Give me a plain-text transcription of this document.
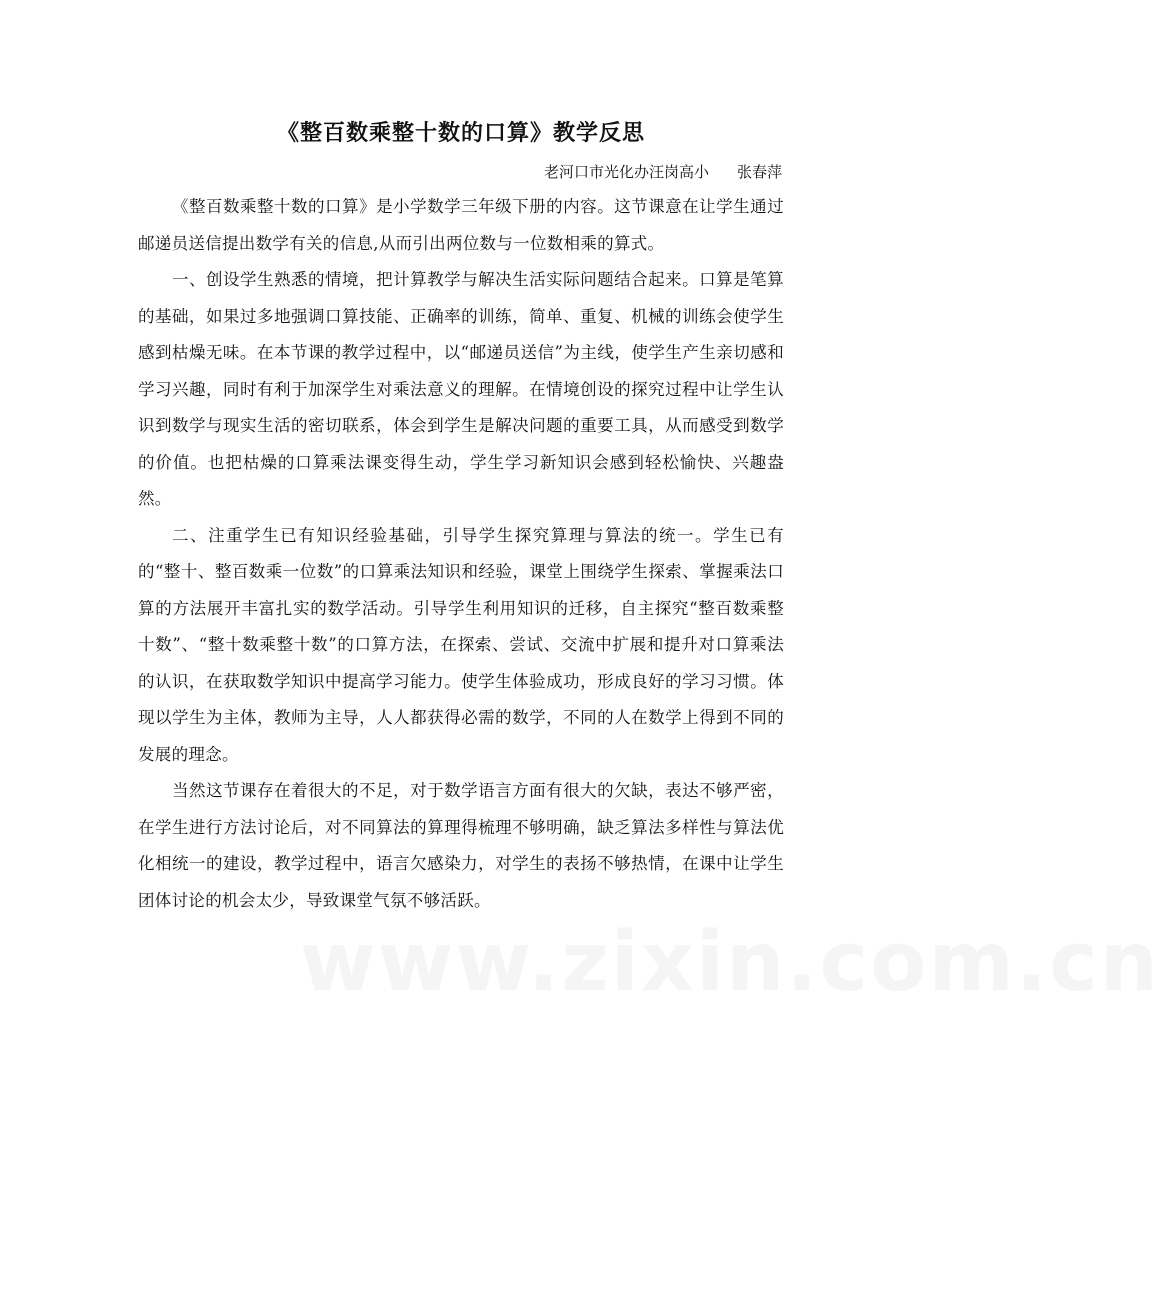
《整百数乘整十数的口算》教学反思
老河口市光化办汪岗高小 张春萍

《整百数乘整十数的口算》是小学数学三年级下册的内容。这节课意在让学生通过邮递员送信提出数学有关的信息,从而引出两位数与一位数相乘的算式。

一、创设学生熟悉的情境，把计算教学与解决生活实际问题结合起来。口算是笔算的基础，如果过多地强调口算技能、正确率的训练，简单、重复、机械的训练会使学生感到枯燥无味。在本节课的教学过程中，以“邮递员送信”为主线，使学生产生亲切感和学习兴趣，同时有利于加深学生对乘法意义的理解。在情境创设的探究过程中让学生认识到数学与现实生活的密切联系，体会到学生是解决问题的重要工具，从而感受到数学的价值。也把枯燥的口算乘法课变得生动，学生学习新知识会感到轻松愉快、兴趣盎然。

二、注重学生已有知识经验基础，引导学生探究算理与算法的统一。学生已有的“整十、整百数乘一位数”的口算乘法知识和经验，课堂上围绕学生探索、掌握乘法口算的方法展开丰富扎实的数学活动。引导学生利用知识的迁移，自主探究“整百数乘整十数”、“整十数乘整十数”的口算方法，在探索、尝试、交流中扩展和提升对口算乘法的认识，在获取数学知识中提高学习能力。使学生体验成功，形成良好的学习习惯。体现以学生为主体，教师为主导，人人都获得必需的数学，不同的人在数学上得到不同的发展的理念。

当然这节课存在着很大的不足，对于数学语言方面有很大的欠缺，表达不够严密，在学生进行方法讨论后，对不同算法的算理得梳理不够明确，缺乏算法多样性与算法优化相统一的建设，教学过程中，语言欠感染力，对学生的表扬不够热情，在课中让学生团体讨论的机会太少，导致课堂气氛不够活跃。

www.zixin.com.cn
